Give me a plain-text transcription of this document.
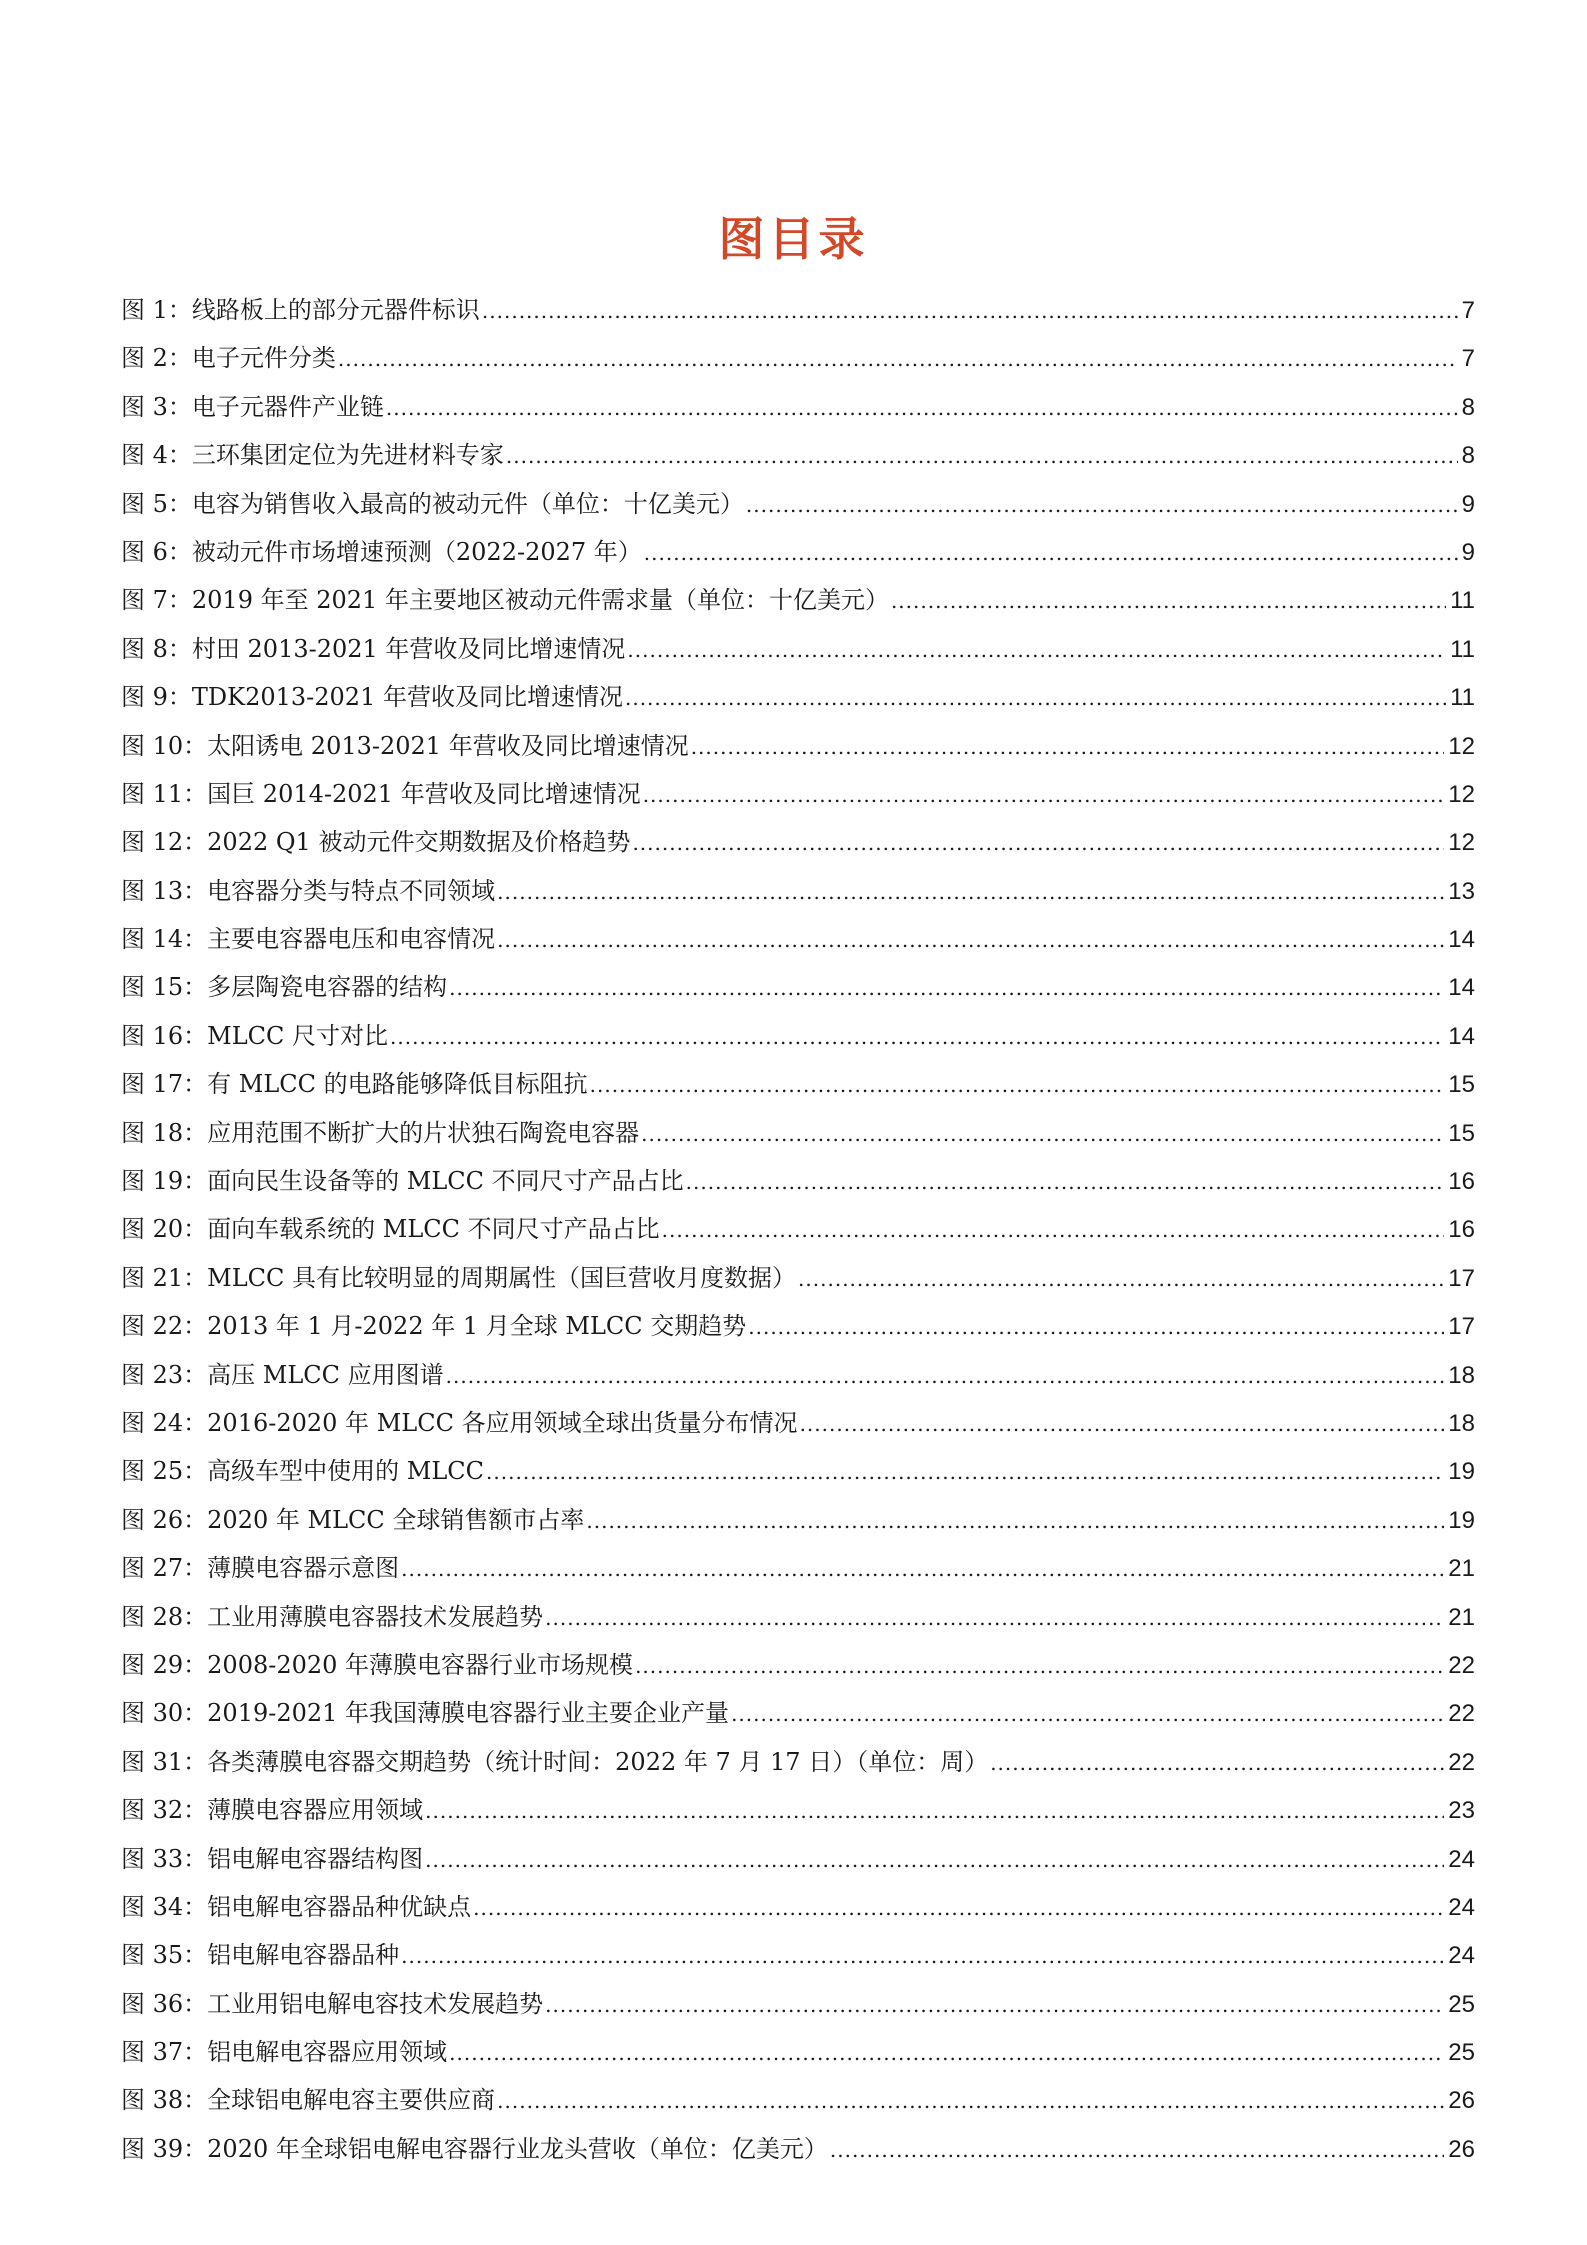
图目录
图 1：线路板上的部分元器件标识 .....	7
图 2：电子元件分类 .....	7
图 3：电子元器件产业链 .....	8
图 4：三环集团定位为先进材料专家 .....	8
图 5：电容为销售收入最高的被动元件（单位：十亿美元） .....	9
图 6：被动元件市场增速预测（2022-2027 年） .....	9
图 7：2019 年至 2021 年主要地区被动元件需求量（单位：十亿美元） .....	11
图 8：村田 2013-2021 年营收及同比增速情况 .....	11
图 9：TDK2013-2021 年营收及同比增速情况 .....	11
图 10：太阳诱电 2013-2021 年营收及同比增速情况 .....	12
图 11：国巨 2014-2021 年营收及同比增速情况 .....	12
图 12：2022 Q1 被动元件交期数据及价格趋势 .....	12
图 13：电容器分类与特点不同领域 .....	13
图 14：主要电容器电压和电容情况 .....	14
图 15：多层陶瓷电容器的结构 .....	14
图 16：MLCC 尺寸对比 .....	14
图 17：有 MLCC 的电路能够降低目标阻抗 .....	15
图 18：应用范围不断扩大的片状独石陶瓷电容器 .....	15
图 19：面向民生设备等的 MLCC 不同尺寸产品占比 .....	16
图 20：面向车载系统的 MLCC 不同尺寸产品占比 .....	16
图 21：MLCC 具有比较明显的周期属性（国巨营收月度数据） .....	17
图 22：2013 年 1 月-2022 年 1 月全球 MLCC 交期趋势 .....	17
图 23：高压 MLCC 应用图谱 .....	18
图 24：2016-2020 年 MLCC 各应用领域全球出货量分布情况 .....	18
图 25：高级车型中使用的 MLCC .....	19
图 26：2020 年 MLCC 全球销售额市占率 .....	19
图 27：薄膜电容器示意图 .....	21
图 28：工业用薄膜电容器技术发展趋势 .....	21
图 29：2008-2020 年薄膜电容器行业市场规模 .....	22
图 30：2019-2021 年我国薄膜电容器行业主要企业产量 .....	22
图 31：各类薄膜电容器交期趋势（统计时间：2022 年 7 月 17 日）（单位：周） .....	22
图 32：薄膜电容器应用领域 .....	23
图 33：铝电解电容器结构图 .....	24
图 34：铝电解电容器品种优缺点 .....	24
图 35：铝电解电容器品种 .....	24
图 36：工业用铝电解电容技术发展趋势 .....	25
图 37：铝电解电容器应用领域 .....	25
图 38：全球铝电解电容主要供应商 .....	26
图 39：2020 年全球铝电解电容器行业龙头营收（单位：亿美元） .....	26
